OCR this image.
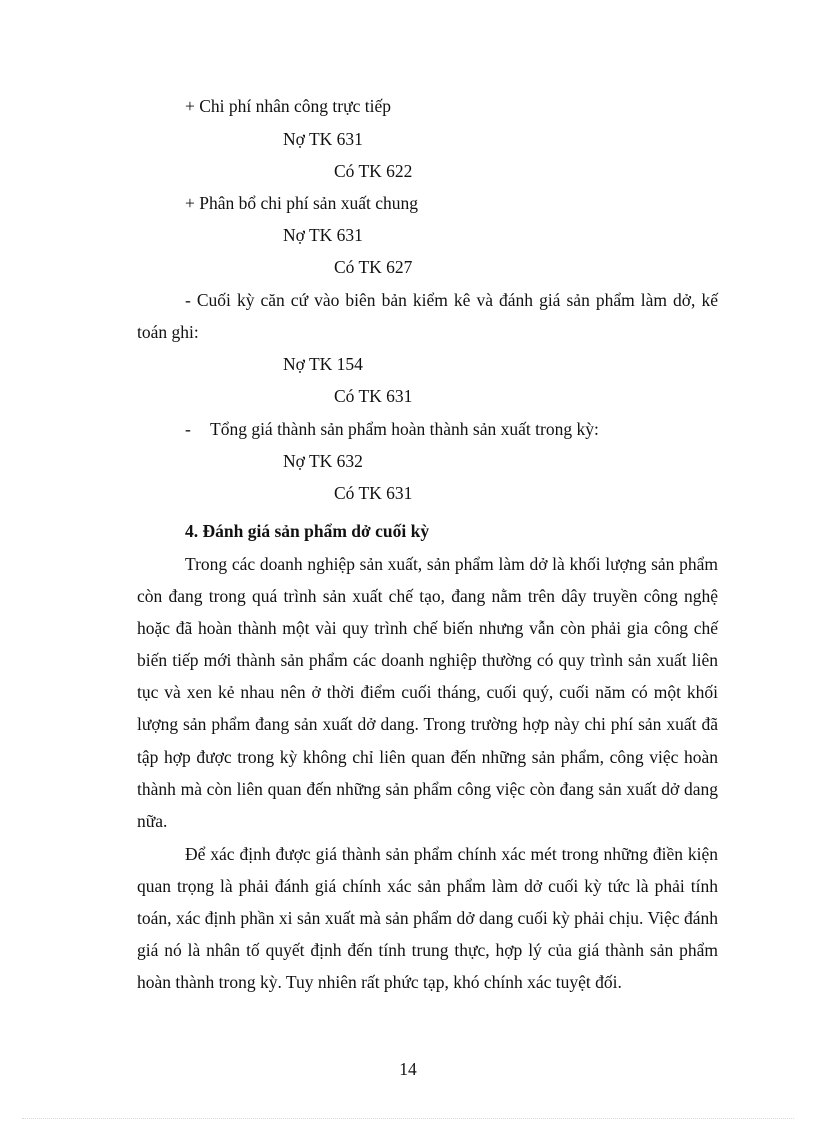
+ Chi phí nhân công trực tiếp

Nợ TK 631

Có TK 622

+ Phân bổ chi phí sản xuất chung

Nợ TK 631

Có TK 627

- Cuối kỳ căn cứ vào biên bản kiểm kê và đánh giá sản phẩm làm dở, kế toán ghi:

Nợ TK 154

Có TK 631

- Tổng giá thành sản phẩm hoàn thành sản xuất trong kỳ:

Nợ TK 632

Có TK 631

4. Đánh giá sản phẩm dở cuối kỳ

Trong các doanh nghiệp sản xuất, sản phẩm làm dở là khối lượng sản phẩm còn đang trong quá trình sản xuất chế tạo, đang nằm trên dây truyền công nghệ hoặc đã hoàn thành một vài quy trình chế biến nhưng vẫn còn phải gia công chế biến tiếp mới thành sản phẩm các doanh nghiệp thường có quy trình sản xuất liên tục và xen kẻ nhau nên ở thời điểm cuối tháng, cuối quý, cuối năm có một khối lượng sản phẩm đang sản xuất dở dang. Trong trường hợp này chi phí sản xuất đã tập hợp được trong kỳ không chỉ liên quan đến những sản phẩm, công việc hoàn thành mà còn liên quan đến những sản phẩm công việc còn đang sản xuất dở dang nữa.

Để xác định được giá thành sản phẩm chính xác mét trong những điền kiện quan trọng là phải đánh giá chính xác sản phẩm làm dở cuối kỳ tức là phải tính toán, xác định phần xi sản xuất mà sản phẩm dở dang cuối kỳ phải chịu. Việc đánh giá nó là nhân tố quyết định đến tính trung thực, hợp lý của giá thành sản phẩm hoàn thành trong kỳ. Tuy nhiên rất phức tạp, khó chính xác tuyệt đối.

14
